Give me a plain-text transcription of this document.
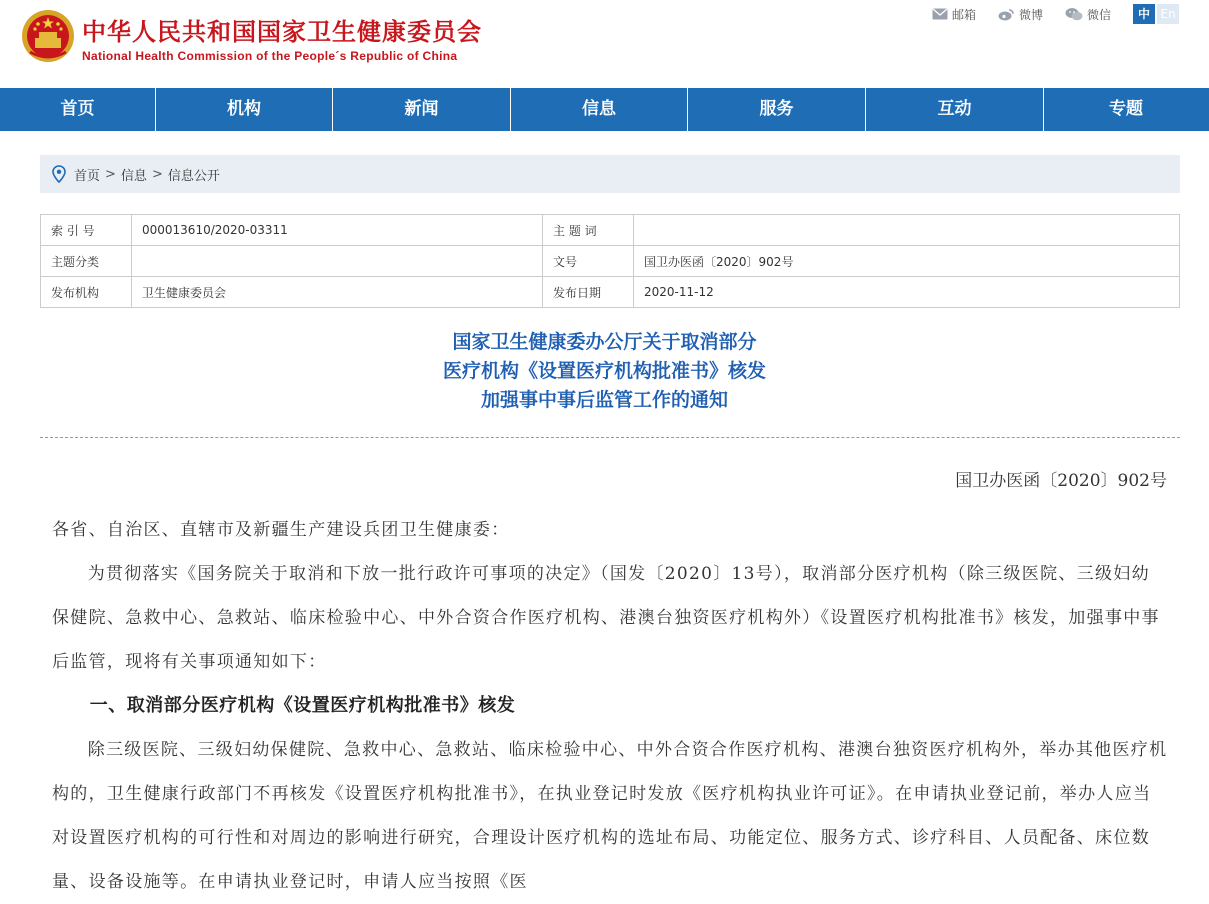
中华人民共和国国家卫生健康委员会
National Health Commission of the People´s Republic of China
邮箱	微博	微信	中 En
首页	机构	新闻	信息	服务	互动	专题
首页 > 信息 > 信息公开
索 引 号	000013610/2020-03311	主 题 词	
主题分类		文号	国卫办医函〔2020〕902号
发布机构	卫生健康委员会	发布日期	2020-11-12
国家卫生健康委办公厅关于取消部分
医疗机构《设置医疗机构批准书》核发
加强事中事后监管工作的通知
国卫办医函〔2020〕902号

各省、自治区、直辖市及新疆生产建设兵团卫生健康委：

为贯彻落实《国务院关于取消和下放一批行政许可事项的决定》（国发〔2020〕13号），取消部分医疗机构（除三级医院、三级妇幼保健院、急救中心、急救站、临床检验中心、中外合资合作医疗机构、港澳台独资医疗机构外）《设置医疗机构批准书》核发，加强事中事后监管，现将有关事项通知如下：

一、取消部分医疗机构《设置医疗机构批准书》核发

除三级医院、三级妇幼保健院、急救中心、急救站、临床检验中心、中外合资合作医疗机构、港澳台独资医疗机构外，举办其他医疗机构的，卫生健康行政部门不再核发《设置医疗机构批准书》，在执业登记时发放《医疗机构执业许可证》。在申请执业登记前，举办人应当对设置医疗机构的可行性和对周边的影响进行研究，合理设计医疗机构的选址布局、功能定位、服务方式、诊疗科目、人员配备、床位数量、设备设施等。在申请执业登记时，申请人应当按照《医
